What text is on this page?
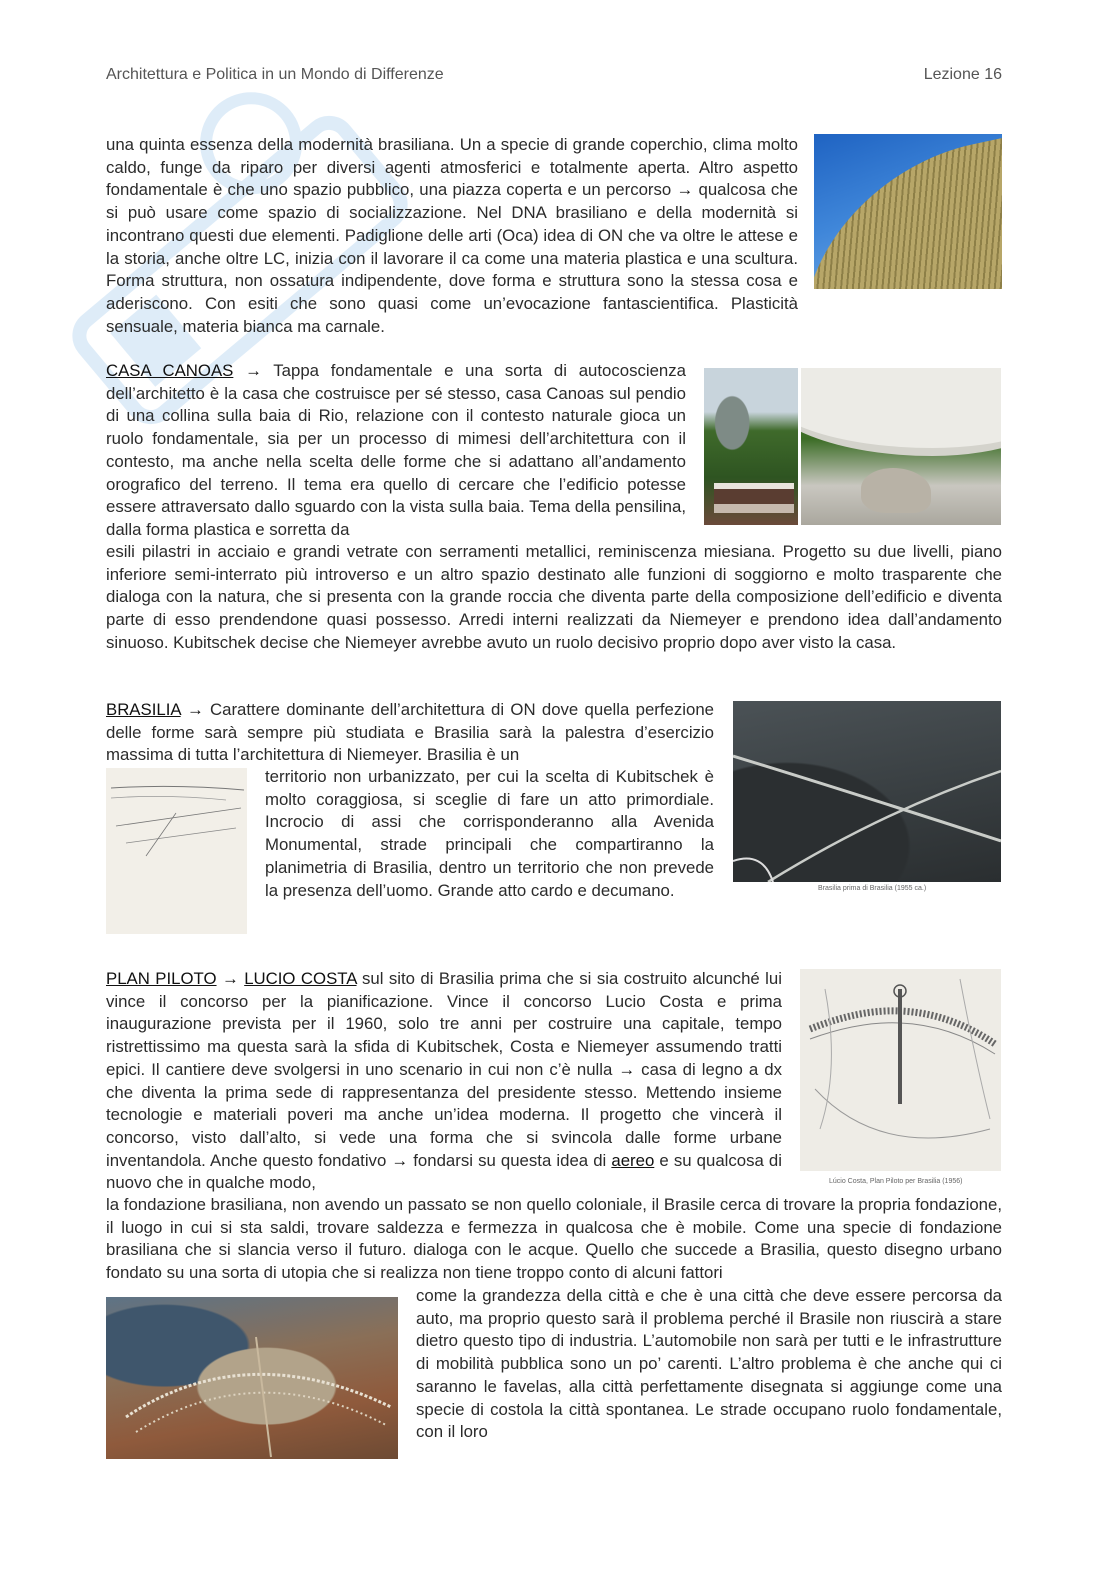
Architettura e Politica in un Mondo di Differenze	Lezione 16

una quinta essenza della modernità brasiliana. Un a specie di grande coperchio, clima molto caldo, funge da riparo per diversi agenti atmosferici e totalmente aperta. Altro aspetto fondamentale è che uno spazio pubblico, una piazza coperta e un percorso → qualcosa che si può usare come spazio di socializzazione. Nel DNA brasiliano e della modernità si incontrano questi due elementi. Padiglione delle arti (Oca) idea di ON che va oltre le attese e la storia, anche oltre LC, inizia con il lavorare il ca come una materia plastica e una scultura. Forma struttura, non ossatura indipendente, dove forma e struttura sono la stessa cosa e aderiscono. Con esiti che sono quasi come un’evocazione fantascientifica. Plasticità sensuale, materia bianca ma carnale.

CASA CANOAS → Tappa fondamentale e una sorta di autocoscienza dell’architetto è la casa che costruisce per sé stesso, casa Canoas sul pendio di una collina sulla baia di Rio, relazione con il contesto naturale gioca un ruolo fondamentale, sia per un processo di mimesi dell’architettura con il contesto, ma anche nella scelta delle forme che si adattano all’andamento orografico del terreno. Il tema era quello di cercare che l’edificio potesse essere attraversato dallo sguardo con la vista sulla baia. Tema della pensilina, dalla forma plastica e sorretta da

esili pilastri in acciaio e grandi vetrate con serramenti metallici, reminiscenza miesiana. Progetto su due livelli, piano inferiore semi-interrato più introverso e un altro spazio destinato alle funzioni di soggiorno e molto trasparente che dialoga con la natura, che si presenta con la grande roccia che diventa parte della composizione dell’edificio e diventa parte di esso prendendone quasi possesso. Arredi interni realizzati da Niemeyer e prendono idea dall’andamento sinuoso. Kubitschek decise che Niemeyer avrebbe avuto un ruolo decisivo proprio dopo aver visto la casa.

BRASILIA → Carattere dominante dell’architettura di ON dove quella perfezione delle forme sarà sempre più studiata e Brasilia sarà la palestra d’esercizio massima di tutta l’architettura di Niemeyer. Brasilia è un

territorio non urbanizzato, per cui la scelta di Kubitschek è molto coraggiosa, si sceglie di fare un atto primordiale. Incrocio di assi che corrisponderanno alla Avenida Monumental, strade principali che compartiranno la planimetria di Brasilia, dentro un territorio che non prevede la presenza dell’uomo. Grande atto cardo e decumano.	Brasilia prima di Brasilia (1955 ca.)

PLAN PILOTO → LUCIO COSTA sul sito di Brasilia prima che si sia costruito alcunché lui vince il concorso per la pianificazione. Vince il concorso Lucio Costa e prima inaugurazione prevista per il 1960, solo tre anni per costruire una capitale, tempo ristrettissimo ma questa sarà la sfida di Kubitschek, Costa e Niemeyer assumendo tratti epici. Il cantiere deve svolgersi in uno scenario in cui non c’è nulla → casa di legno a dx che diventa la prima sede di rappresentanza del presidente stesso. Mettendo insieme tecnologie e materiali poveri ma anche un’idea moderna. Il progetto che vincerà il concorso, visto dall’alto, si vede una forma che si svincola dalle forme urbane inventandola. Anche questo fondativo → fondarsi su questa idea di aereo e su qualcosa di nuovo che in qualche modo,	Lúcio Costa, Plan Piloto per Brasilia (1956)

la fondazione brasiliana, non avendo un passato se non quello coloniale, il Brasile cerca di trovare la propria fondazione, il luogo in cui si sta saldi, trovare saldezza e fermezza in qualcosa che è mobile. Come una specie di fondazione brasiliana che si slancia verso il futuro. dialoga con le acque. Quello che succede a Brasilia, questo disegno urbano fondato su una sorta di utopia che si realizza non tiene troppo conto di alcuni fattori

come la grandezza della città e che è una città che deve essere percorsa da auto, ma proprio questo sarà il problema perché il Brasile non riuscirà a stare dietro questo tipo di industria. L’automobile non sarà per tutti e le infrastrutture di mobilità pubblica sono un po’ carenti. L’altro problema è che anche qui ci saranno le favelas, alla città perfettamente disegnata si aggiunge come una specie di costola la città spontanea. Le strade occupano ruolo fondamentale, con il loro
